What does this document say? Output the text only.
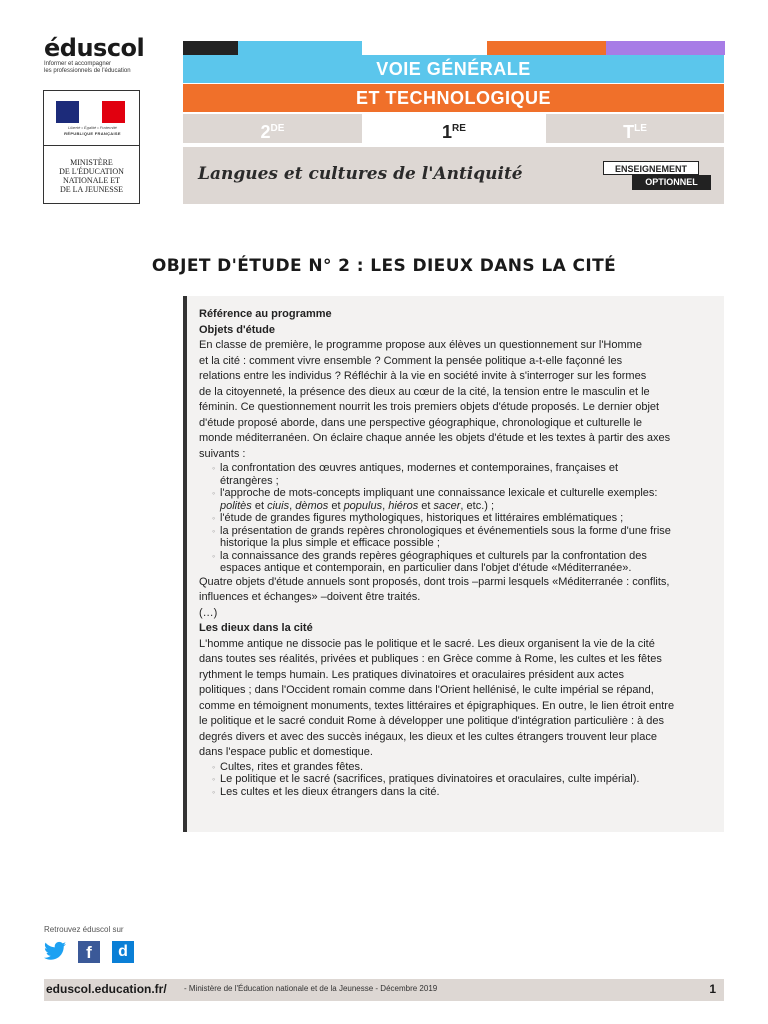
éduscol
Informer et accompagner
les professionnels de l'éducation
Liberté • Égalité • Fraternité
RÉPUBLIQUE FRANÇAISE
MINISTÈRE
DE L'ÉDUCATION
NATIONALE ET
DE LA JEUNESSE
VOIE GÉNÉRALE
ET TECHNOLOGIQUE
2DE	1RE	$T^{LE}$
Langues et cultures de l'Antiquité	ENSEIGNEMENT
OPTIONNEL
OBJET D'ÉTUDE N° 2 : LES DIEUX DANS LA CITÉ

Référence au programme

Objets d'étude

En classe de première, le programme propose aux élèves un questionnement sur l'Homme
et la cité : comment vivre ensemble ? Comment la pensée politique a-t-elle façonné les
relations entre les individus ? Réfléchir à la vie en société invite à s'interroger sur les formes
de la citoyenneté, la présence des dieux au cœur de la cité, la tension entre le masculin et le
féminin. Ce questionnement nourrit les trois premiers objets d'étude proposés. Le dernier objet
d'étude proposé aborde, dans une perspective géographique, chronologique et culturelle le
monde méditerranéen. On éclaire chaque année les objets d'étude et les textes à partir des axes
suivants :

◦ la confrontation des œuvres antiques, modernes et contemporaines, françaises et
étrangères ;
◦ l'approche de mots-concepts impliquant une connaissance lexicale et culturelle exemples:
politès et ciuis, dèmos et populus, hiéros et sacer, etc.) ;
◦ l'étude de grandes figures mythologiques, historiques et littéraires emblématiques ;
◦ la présentation de grands repères chronologiques et événementiels sous la forme d'une frise
historique la plus simple et efficace possible ;
◦ la connaissance des grands repères géographiques et culturels par la confrontation des
espaces antique et contemporain, en particulier dans l'objet d'étude «Méditerranée».

Quatre objets d'étude annuels sont proposés, dont trois –parmi lesquels «Méditerranée : conflits,
influences et échanges» –doivent être traités.

(…)

Les dieux dans la cité

L'homme antique ne dissocie pas le politique et le sacré. Les dieux organisent la vie de la cité
dans toutes ses réalités, privées et publiques : en Grèce comme à Rome, les cultes et les fêtes
rythment le temps humain. Les pratiques divinatoires et oraculaires président aux actes
politiques ; dans l'Occident romain comme dans l'Orient hellénisé, le culte impérial se répand,
comme en témoignent monuments, textes littéraires et épigraphiques. En outre, le lien étroit entre
le politique et le sacré conduit Rome à développer une politique d'intégration particulière : à des
degrés divers et avec des succès inégaux, les dieux et les cultes étrangers trouvent leur place
dans l'espace public et domestique.

◦ Cultes, rites et grandes fêtes.
◦ Le politique et le sacré (sacrifices, pratiques divinatoires et oraculaires, culte impérial).
◦ Les cultes et les dieux étrangers dans la cité.
Retrouvez éduscol sur
f	d
eduscol.education.fr/ - Ministère de l'Éducation nationale et de la Jeunesse - Décembre 2019	1
